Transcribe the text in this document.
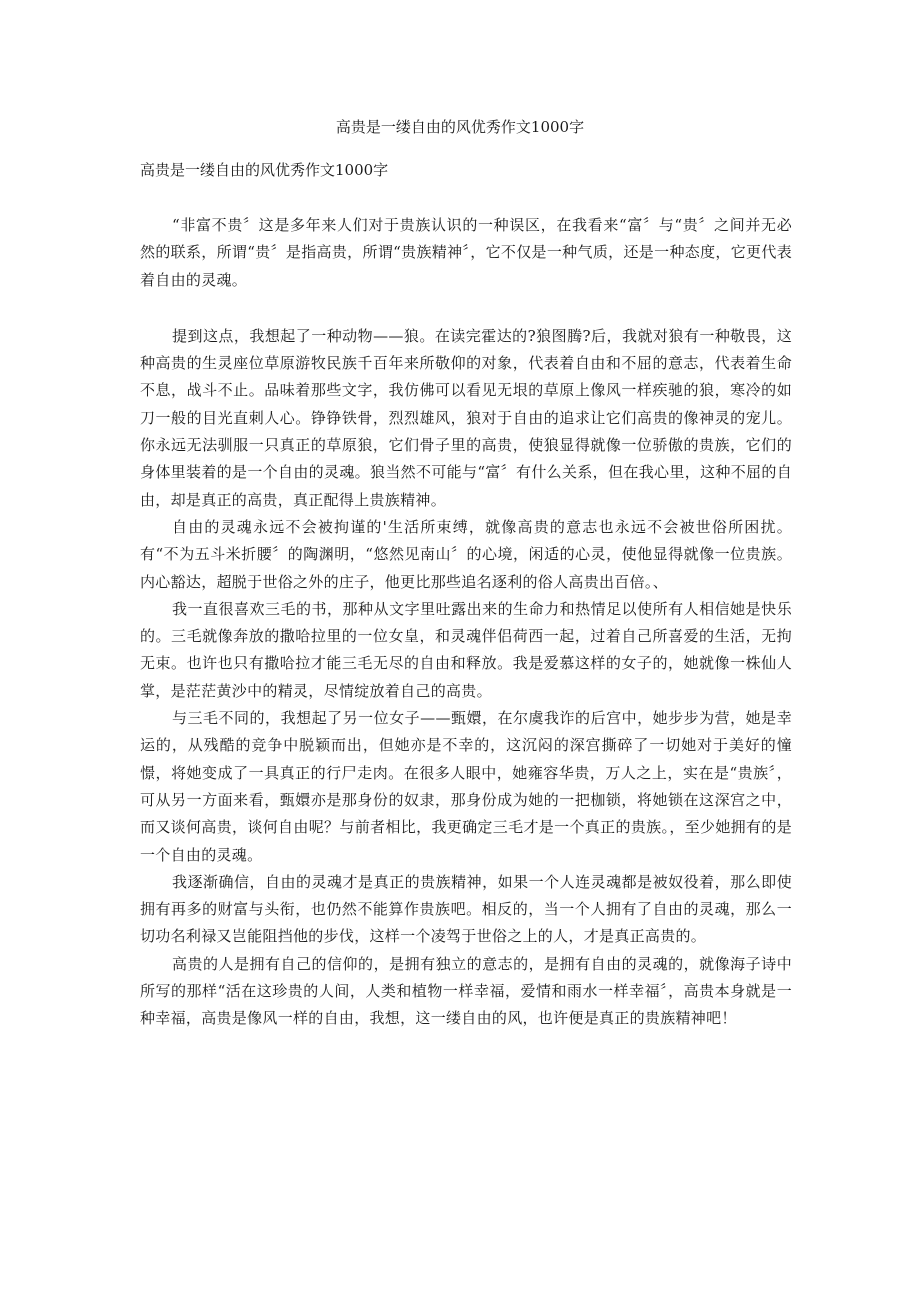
高贵是一缕自由的风优秀作文1000字
高贵是一缕自由的风优秀作文1000字

“非富不贵〞这是多年来人们对于贵族认识的一种误区，在我看来“富〞与“贵〞之间并无必然的联系，所谓“贵〞是指高贵，所谓“贵族精神〞，它不仅是一种气质，还是一种态度，它更代表着自由的灵魂。

提到这点，我想起了一种动物——狼。在读完霍达的?狼图腾?后，我就对狼有一种敬畏，这种高贵的生灵座位草原游牧民族千百年来所敬仰的对象，代表着自由和不屈的意志，代表着生命不息，战斗不止。品味着那些文字，我仿佛可以看见无垠的草原上像风一样疾驰的狼，寒冷的如刀一般的目光直刺人心。铮铮铁骨，烈烈雄风，狼对于自由的追求让它们高贵的像神灵的宠儿。你永远无法驯服一只真正的草原狼，它们骨子里的高贵，使狼显得就像一位骄傲的贵族，它们的身体里装着的是一个自由的灵魂。狼当然不可能与“富〞有什么关系，但在我心里，这种不屈的自由，却是真正的高贵，真正配得上贵族精神。

自由的灵魂永远不会被拘谨的'生活所束缚，就像高贵的意志也永远不会被世俗所困扰。有“不为五斗米折腰〞的陶渊明，“悠然见南山〞的心境，闲适的心灵，使他显得就像一位贵族。内心豁达，超脱于世俗之外的庄子，他更比那些追名逐利的俗人高贵出百倍。、

我一直很喜欢三毛的书，那种从文字里吐露出来的生命力和热情足以使所有人相信她是快乐的。三毛就像奔放的撒哈拉里的一位女皇，和灵魂伴侣荷西一起，过着自己所喜爱的生活，无拘无束。也许也只有撒哈拉才能三毛无尽的自由和释放。我是爱慕这样的女子的，她就像一株仙人掌，是茫茫黄沙中的精灵，尽情绽放着自己的高贵。

与三毛不同的，我想起了另一位女子——甄嬛，在尔虞我诈的后宫中，她步步为营，她是幸运的，从残酷的竞争中脱颖而出，但她亦是不幸的，这沉闷的深宫撕碎了一切她对于美好的憧憬，将她变成了一具真正的行尸走肉。在很多人眼中，她雍容华贵，万人之上，实在是“贵族〞，可从另一方面来看，甄嬛亦是那身份的奴隶，那身份成为她的一把枷锁，将她锁在这深宫之中，而又谈何高贵，谈何自由呢？与前者相比，我更确定三毛才是一个真正的贵族。，至少她拥有的是一个自由的灵魂。

我逐渐确信，自由的灵魂才是真正的贵族精神，如果一个人连灵魂都是被奴役着，那么即使拥有再多的财富与头衔，也仍然不能算作贵族吧。相反的，当一个人拥有了自由的灵魂，那么一切功名利禄又岂能阻挡他的步伐，这样一个凌驾于世俗之上的人，才是真正高贵的。

高贵的人是拥有自己的信仰的，是拥有独立的意志的，是拥有自由的灵魂的，就像海子诗中所写的那样“活在这珍贵的人间，人类和植物一样幸福，爱情和雨水一样幸福〞，高贵本身就是一种幸福，高贵是像风一样的自由，我想，这一缕自由的风，也许便是真正的贵族精神吧！
